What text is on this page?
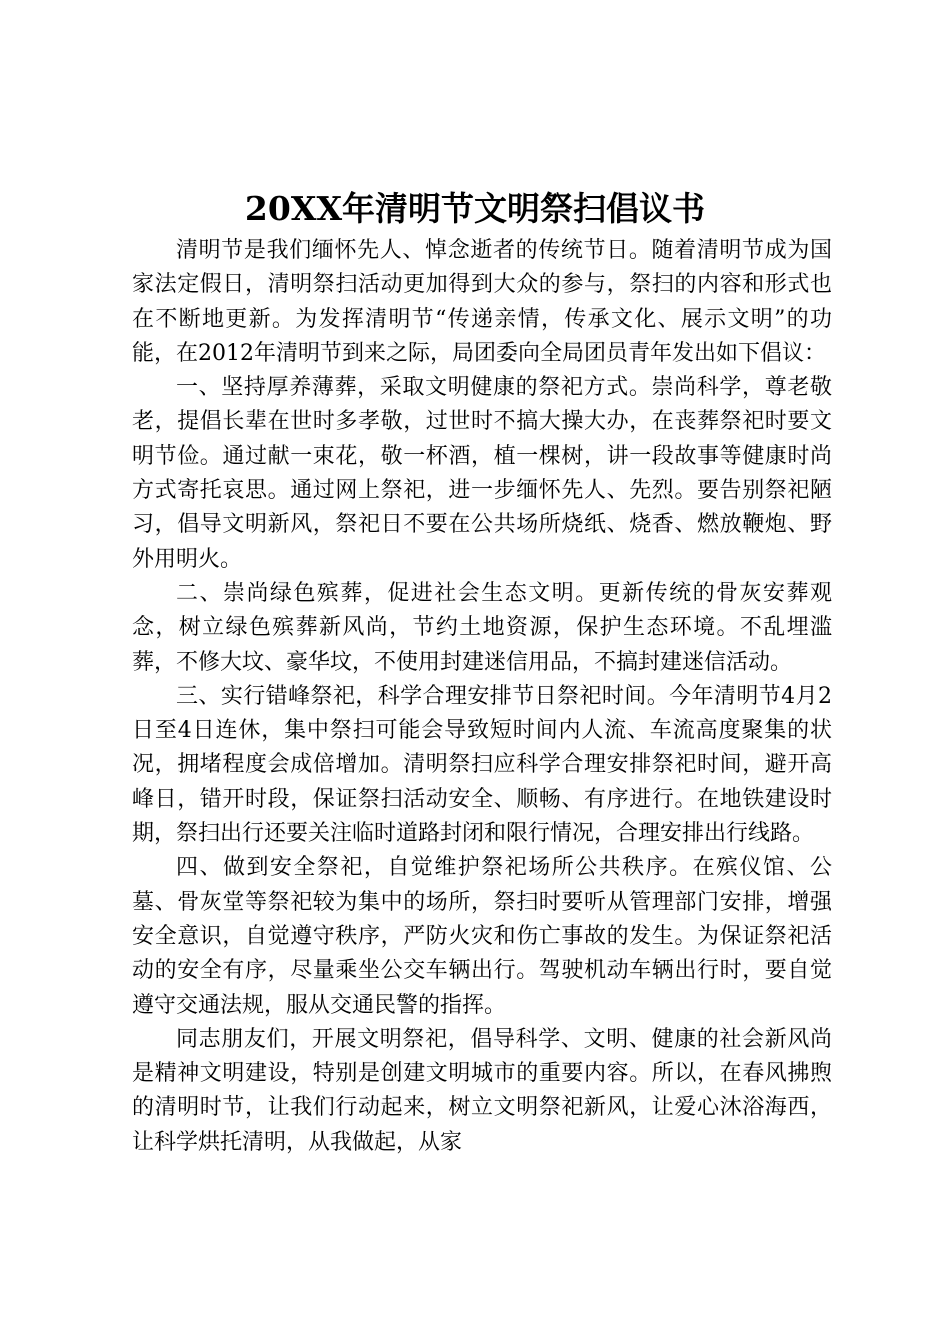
20XX年清明节文明祭扫倡议书

清明节是我们缅怀先人、悼念逝者的传统节日。随着清明节成为国家法定假日，清明祭扫活动更加得到大众的参与，祭扫的内容和形式也在不断地更新。为发挥清明节“传递亲情，传承文化、展示文明”的功能，在2012年清明节到来之际，局团委向全局团员青年发出如下倡议：

一、坚持厚养薄葬，采取文明健康的祭祀方式。崇尚科学，尊老敬老，提倡长辈在世时多孝敬，过世时不搞大操大办，在丧葬祭祀时要文明节俭。通过献一束花，敬一杯酒，植一棵树，讲一段故事等健康时尚方式寄托哀思。通过网上祭祀，进一步缅怀先人、先烈。要告别祭祀陋习，倡导文明新风，祭祀日不要在公共场所烧纸、烧香、燃放鞭炮、野外用明火。

二、崇尚绿色殡葬，促进社会生态文明。更新传统的骨灰安葬观念，树立绿色殡葬新风尚，节约土地资源，保护生态环境。不乱埋滥葬，不修大坟、豪华坟，不使用封建迷信用品，不搞封建迷信活动。

三、实行错峰祭祀，科学合理安排节日祭祀时间。今年清明节4月2日至4日连休，集中祭扫可能会导致短时间内人流、车流高度聚集的状况，拥堵程度会成倍增加。清明祭扫应科学合理安排祭祀时间，避开高峰日，错开时段，保证祭扫活动安全、顺畅、有序进行。在地铁建设时期，祭扫出行还要关注临时道路封闭和限行情况，合理安排出行线路。

四、做到安全祭祀，自觉维护祭祀场所公共秩序。在殡仪馆、公墓、骨灰堂等祭祀较为集中的场所，祭扫时要听从管理部门安排，增强安全意识，自觉遵守秩序，严防火灾和伤亡事故的发生。为保证祭祀活动的安全有序，尽量乘坐公交车辆出行。驾驶机动车辆出行时，要自觉遵守交通法规，服从交通民警的指挥。

同志朋友们，开展文明祭祀，倡导科学、文明、健康的社会新风尚是精神文明建设，特别是创建文明城市的重要内容。所以，在春风拂煦的清明时节，让我们行动起来，树立文明祭祀新风，让爱心沐浴海西，让科学烘托清明，从我做起，从家
